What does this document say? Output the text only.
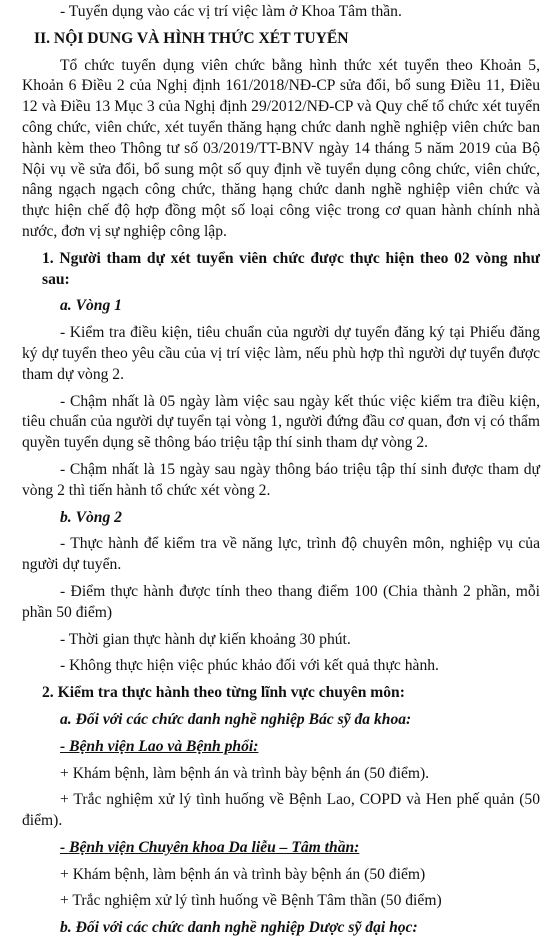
- Tuyển dụng vào các vị trí việc làm ở Khoa Tâm thần.

II. NỘI DUNG VÀ HÌNH THỨC XÉT TUYỂN

Tổ chức tuyển dụng viên chức bằng hình thức xét tuyển theo Khoản 5, Khoản 6 Điều 2 của Nghị định 161/2018/NĐ-CP sửa đổi, bổ sung Điều 11, Điều 12 và Điều 13 Mục 3 của Nghị định 29/2012/NĐ-CP và Quy chế tổ chức xét tuyển công chức, viên chức, xét tuyển thăng hạng chức danh nghề nghiệp viên chức ban hành kèm theo Thông tư số 03/2019/TT-BNV ngày 14 tháng 5 năm 2019 của Bộ Nội vụ về sửa đổi, bổ sung một số quy định về tuyển dụng công chức, viên chức, nâng ngạch ngạch công chức, thăng hạng chức danh nghề nghiệp viên chức và thực hiện chế độ hợp đồng một số loại công việc trong cơ quan hành chính nhà nước, đơn vị sự nghiệp công lập.

1. Người tham dự xét tuyển viên chức được thực hiện theo 02 vòng như sau:

a. Vòng 1

- Kiểm tra điều kiện, tiêu chuẩn của người dự tuyển đăng ký tại Phiếu đăng ký dự tuyển theo yêu cầu của vị trí việc làm, nếu phù hợp thì người dự tuyển được tham dự vòng 2.

- Chậm nhất là 05 ngày làm việc sau ngày kết thúc việc kiểm tra điều kiện, tiêu chuẩn của người dự tuyển tại vòng 1, người đứng đầu cơ quan, đơn vị có thẩm quyền tuyển dụng sẽ thông báo triệu tập thí sinh tham dự vòng 2.

- Chậm nhất là 15 ngày sau ngày thông báo triệu tập thí sinh được tham dự vòng 2 thì tiến hành tổ chức xét vòng 2.

b. Vòng 2

- Thực hành để kiểm tra về năng lực, trình độ chuyên môn, nghiệp vụ của người dự tuyển.

- Điểm thực hành được tính theo thang điểm 100 (Chia thành 2 phần, mỗi phần 50 điểm)

- Thời gian thực hành dự kiến khoảng 30 phút.

- Không thực hiện việc phúc khảo đối với kết quả thực hành.

2. Kiểm tra thực hành theo từng lĩnh vực chuyên môn:

a. Đối với các chức danh nghề nghiệp Bác sỹ đa khoa:

- Bệnh viện Lao và Bệnh phổi:

+ Khám bệnh, làm bệnh án và trình bày bệnh án (50 điểm).

+ Trắc nghiệm xử lý tình huống về Bệnh Lao, COPD và Hen phế quản (50 điểm).

- Bệnh viện Chuyên khoa Da liễu – Tâm thần:

+ Khám bệnh, làm bệnh án và trình bày bệnh án (50 điểm)

+ Trắc nghiệm xử lý tình huống về Bệnh Tâm thần (50 điểm)

b. Đối với các chức danh nghề nghiệp Dược sỹ đại học:
